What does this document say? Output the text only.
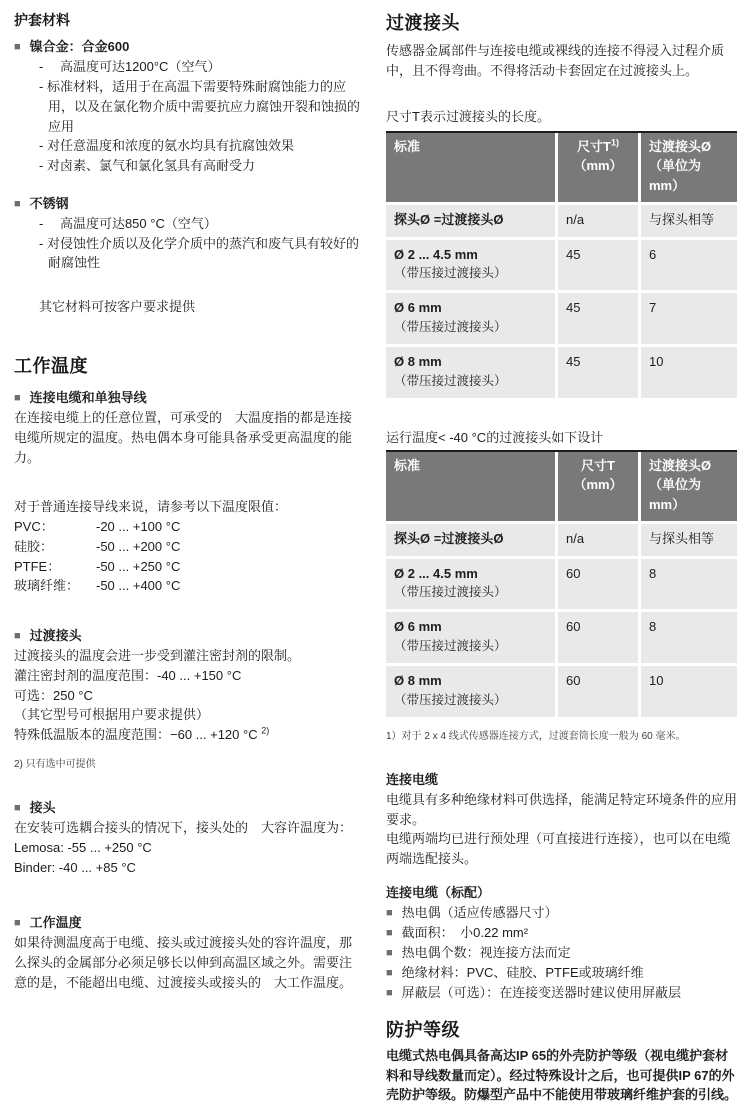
护套材料
■ 镍合金：合金600
- 　高温度可达1200°C（空气）
- 标准材料，适用于在高温下需要特殊耐腐蚀能力的应用，以及在氯化物介质中需要抗应力腐蚀开裂和蚀损的应用
- 对任意温度和浓度的氨水均具有抗腐蚀效果
- 对卤素、氯气和氯化氢具有高耐受力
■ 不锈钢
- 　高温度可达850 °C（空气）
- 对侵蚀性介质以及化学介质中的蒸汽和废气具有较好的耐腐蚀性
其它材料可按客户要求提供
工作温度
■ 连接电缆和单独导线
在连接电缆上的任意位置，可承受的　大温度指的都是连接电缆所规定的温度。热电偶本身可能具备承受更高温度的能力。
对于普通连接导线来说，请参考以下温度限值：
PVC：	-20 ... +100 °C
硅胶：	-50 ... +200 °C
PTFE：	-50 ... +250 °C
玻璃纤维：	-50 ... +400 °C
■ 过渡接头
过渡接头的温度会进一步受到灌注密封剂的限制。
灌注密封剂的温度范围：-40 ... +150 °C
可选：250 °C
（其它型号可根据用户要求提供）
特殊低温版本的温度范围：−60 ... +120 °C $^{2)}$
2) 只有选中可提供
■ 接头
在安装可选耦合接头的情况下，接头处的　大容许温度为：
Lemosa: -55 ... +250 °C
Binder: -40 ... +85 °C
■ 工作温度
如果待测温度高于电缆、接头或过渡接头处的容许温度，那么探头的金属部分必须足够长以伸到高温区域之外。需要注意的是，不能超出电缆、过渡接头或接头的　大工作温度。
过渡接头
传感器金属部件与连接电缆或裸线的连接不得浸入过程介质中，且不得弯曲。不得将活动卡套固定在过渡接头上。
尺寸T表示过渡接头的长度。
标准	尺寸$T^{1)}$
（mm）
过渡接头Ø
（单位为mm）
探头Ø =过渡接头Ø	n/a	与探头相等
Ø 2 ... 4.5 mm
（带压接过渡接头）
45	6
Ø 6 mm
（带压接过渡接头）
45	7
Ø 8 mm
（带压接过渡接头）
45	10
运行温度< -40 °C的过渡接头如下设计
标准	尺寸T
（mm）
过渡接头Ø
（单位为mm）
探头Ø =过渡接头Ø	n/a	与探头相等
Ø 2 ... 4.5 mm
（带压接过渡接头）
60	8
Ø 6 mm
（带压接过渡接头）
60	8
Ø 8 mm
（带压接过渡接头）
60	10
1）对于 2 x 4 线式传感器连接方式，过渡套筒长度一般为 60 毫米。
连接电缆
电缆具有多种绝缘材料可供选择，能满足特定环境条件的应用要求。
电缆两端均已进行预处理（可直接进行连接），也可以在电缆两端选配接头。
连接电缆（标配）
■ 热电偶（适应传感器尺寸）
■ 截面积：　小0.22 mm²
■ 热电偶个数：视连接方法而定
■ 绝缘材料：PVC、硅胶、PTFE或玻璃纤维
■ 屏蔽层（可选）：在连接变送器时建议使用屏蔽层
防护等级
电缆式热电偶具备高达IP 65的外壳防护等级（视电缆护套材料和导线数量而定）。经过特殊设计之后，也可提供IP 67的外壳防护等级。防爆型产品中不能使用带玻璃纤维护套的引线。
